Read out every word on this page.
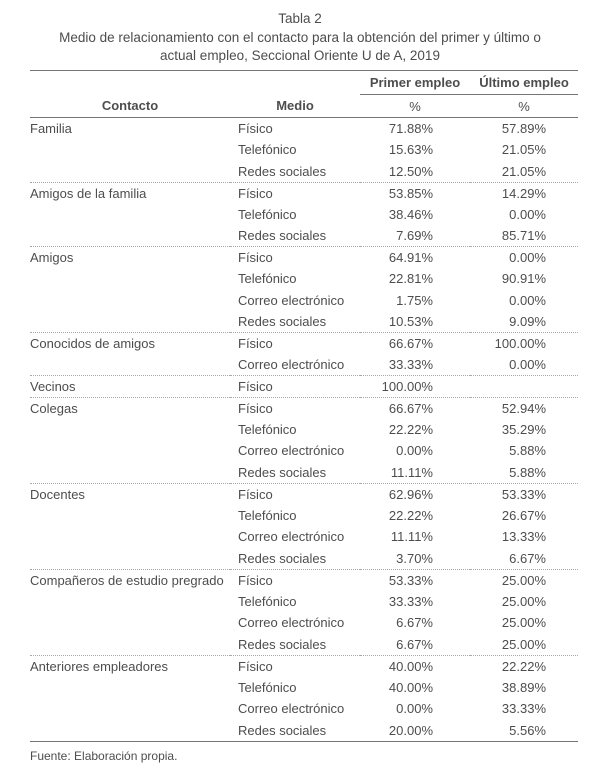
Tabla 2
Medio de relacionamiento con el contacto para la obtención del primer y último o
actual empleo, Seccional Oriente U de A, 2019
		Primer empleo	Último empleo
Contacto	Medio	%	%
Familia	Físico	71.88%	57.89%
	Telefónico	15.63%	21.05%
	Redes sociales	12.50%	21.05%
Amigos de la familia	Físico	53.85%	14.29%
	Telefónico	38.46%	0.00%
	Redes sociales	7.69%	85.71%
Amigos	Físico	64.91%	0.00%
	Telefónico	22.81%	90.91%
	Correo electrónico	1.75%	0.00%
	Redes sociales	10.53%	9.09%
Conocidos de amigos	Físico	66.67%	100.00%
	Correo electrónico	33.33%	0.00%
Vecinos	Físico	100.00%	
Colegas	Físico	66.67%	52.94%
	Telefónico	22.22%	35.29%
	Correo electrónico	0.00%	5.88%
	Redes sociales	11.11%	5.88%
Docentes	Físico	62.96%	53.33%
	Telefónico	22.22%	26.67%
	Correo electrónico	11.11%	13.33%
	Redes sociales	3.70%	6.67%
Compañeros de estudio pregrado	Físico	53.33%	25.00%
	Telefónico	33.33%	25.00%
	Correo electrónico	6.67%	25.00%
	Redes sociales	6.67%	25.00%
Anteriores empleadores	Físico	40.00%	22.22%
	Telefónico	40.00%	38.89%
	Correo electrónico	0.00%	33.33%
	Redes sociales	20.00%	5.56%
Fuente: Elaboración propia.
